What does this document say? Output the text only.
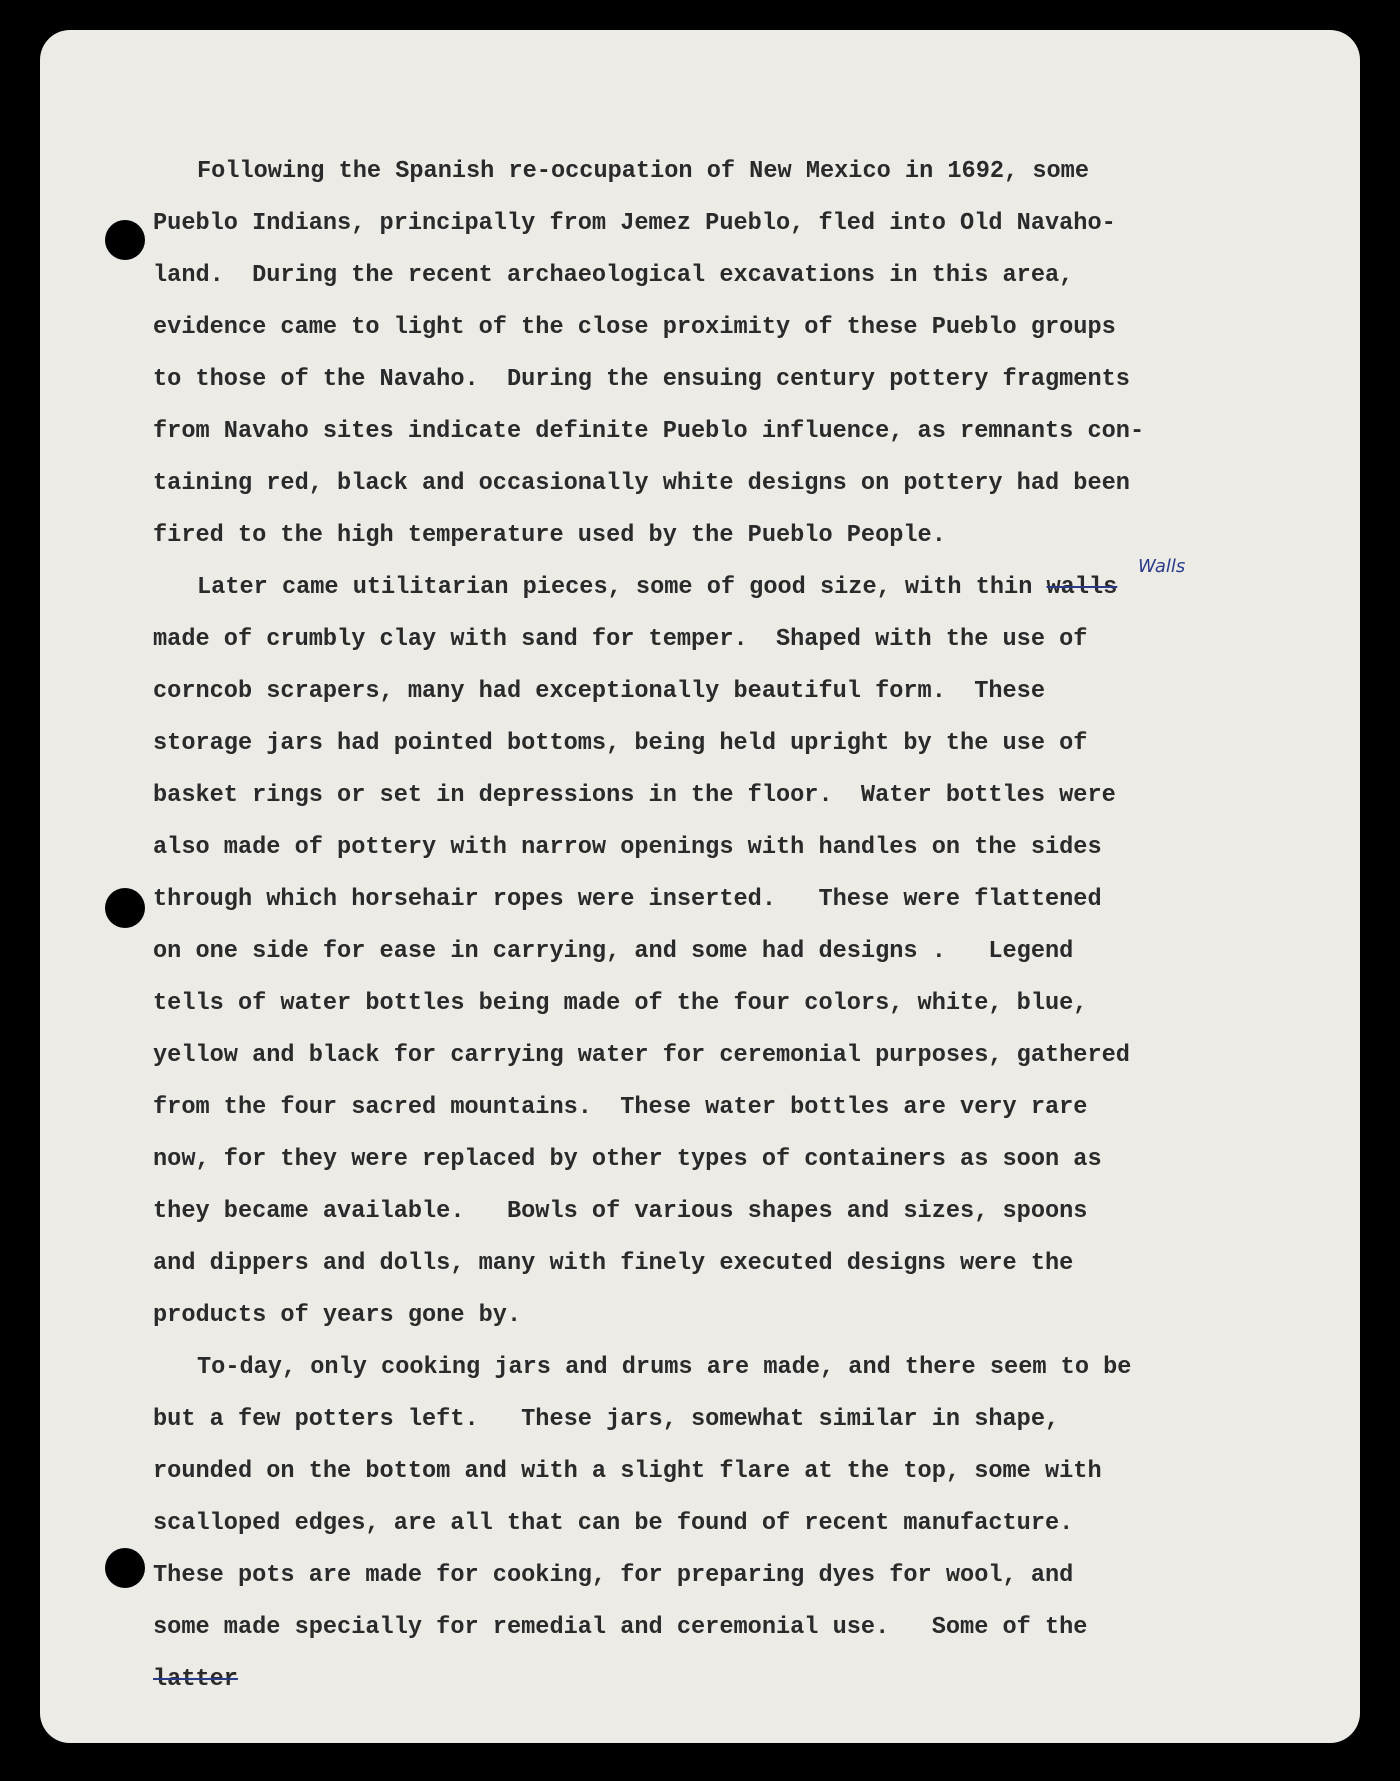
Following the Spanish re-occupation of New Mexico in 1692, some

Pueblo Indians, principally from Jemez Pueblo, fled into Old Navaho-

land.  During the recent archaeological excavations in this area,

evidence came to light of the close proximity of these Pueblo groups

to those of the Navaho.  During the ensuing century pottery fragments

from Navaho sites indicate definite Pueblo influence, as remnants con-

taining red, black and occasionally white designs on pottery had been

fired to the high temperature used by the Pueblo People.

Walls

Later came utilitarian pieces, some of good size, with thin walls

made of crumbly clay with sand for temper.  Shaped with the use of

corncob scrapers, many had exceptionally beautiful form.  These

storage jars had pointed bottoms, being held upright by the use of

basket rings or set in depressions in the floor.  Water bottles were

also made of pottery with narrow openings with handles on the sides

through which horsehair ropes were inserted.   These were flattened

on one side for ease in carrying, and some had designs .   Legend

tells of water bottles being made of the four colors, white, blue,

yellow and black for carrying water for ceremonial purposes, gathered

from the four sacred mountains.  These water bottles are very rare

now, for they were replaced by other types of containers as soon as

they became available.   Bowls of various shapes and sizes, spoons

and dippers and dolls, many with finely executed designs were the

products of years gone by.

To-day, only cooking jars and drums are made, and there seem to be

but a few potters left.   These jars, somewhat similar in shape,

rounded on the bottom and with a slight flare at the top, some with

scalloped edges, are all that can be found of recent manufacture.

These pots are made for cooking, for preparing dyes for wool, and

some made specially for remedial and ceremonial use.   Some of the

latter
